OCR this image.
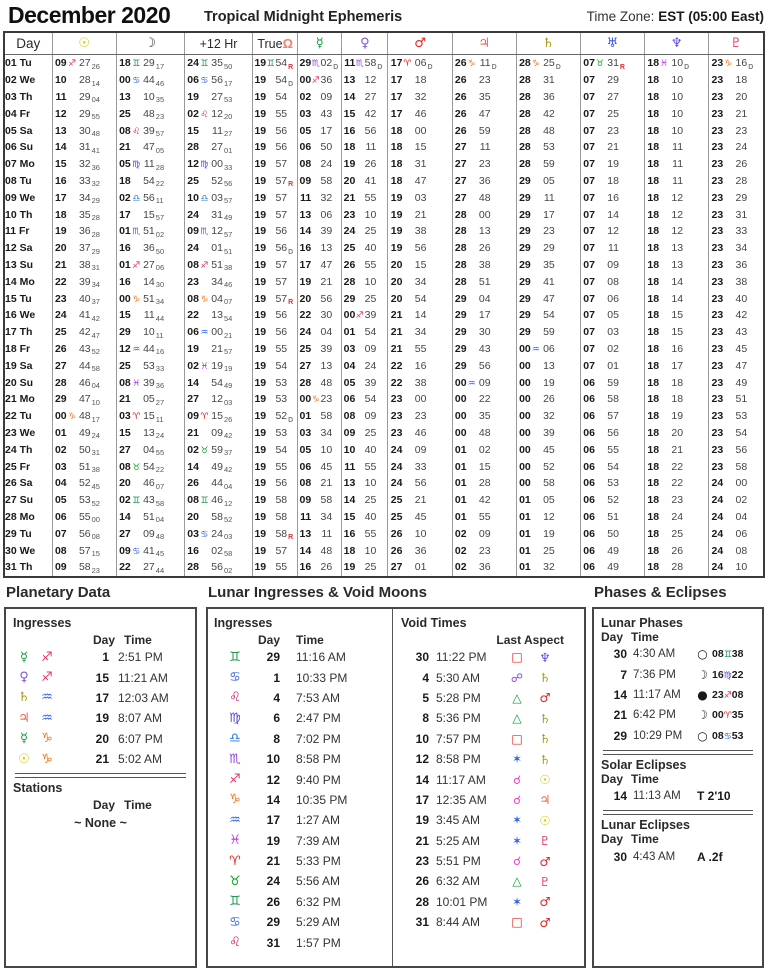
December 2020 Tropical Midnight Ephemeris	Time Zone: EST (05:00 East)
Day	☉	☽	+12 Hr	TrueΩ	☿	♀	♂	♃	♄	♅	♆	♇
01 Tu	09♐ 2726	18♊ 2917	24♊ 3550	19♊54R	29♏02D	11♏58D	17♈ 06D	26♑ 11D	28♑ 25D	07♉ 31R	18♓ 10D	23♑ 16D
02 We	10 2814	00♋ 4446	06♋ 5617	19 54D	00♐36	13 12	17 18	26 23	28 31	07 29	18 10	23 18
03 Th	11 2904	13 1035	19 2753	19 54	02 09	14 27	17 32	26 35	28 36	07 27	18 10	23 20
04 Fr	12 2955	25 4823	02♌ 1220	19 55	03 43	15 42	17 46	26 47	28 42	07 25	18 10	23 21
05 Sa	13 3048	08♌ 3957	15 1127	19 56	05 17	16 56	18 00	26 59	28 48	07 23	18 10	23 23
06 Su	14 3141	21 4705	28 2701	19 56	06 50	18 11	18 15	27 11	28 53	07 21	18 11	23 24
07 Mo	15 3236	05♍ 1128	12♍ 0033	19 57	08 24	19 26	18 31	27 23	28 59	07 19	18 11	23 26
08 Tu	16 3332	18 5422	25 5256	19 57R	09 58	20 41	18 47	27 36	29 05	07 18	18 11	23 28
09 We	17 3429	02♎ 5611	10♎ 0357	19 57	11 32	21 55	19 03	27 48	29 11	07 16	18 12	23 29
10 Th	18 3528	17 1557	24 3149	19 57	13 06	23 10	19 21	28 00	29 17	07 14	18 12	23 31
11 Fr	19 3628	01♏ 5102	09♏ 1257	19 56	14 39	24 25	19 38	28 13	29 23	07 12	18 12	23 33
12 Sa	20 3729	16 3650	24 0151	19 56D	16 13	25 40	19 56	28 26	29 29	07 11	18 13	23 34
13 Su	21 3831	01♐ 2706	08♐ 5138	19 57	17 47	26 55	20 15	28 38	29 35	07 09	18 13	23 36
14 Mo	22 3934	16 1430	23 3446	19 57	19 21	28 10	20 34	28 51	29 41	07 08	18 14	23 38
15 Tu	23 4037	00♑ 5134	08♑ 0407	19 57R	20 56	29 25	20 54	29 04	29 47	07 06	18 14	23 40
16 We	24 4142	15 1144	22 1354	19 56	22 30	00♐39	21 14	29 17	29 54	07 05	18 15	23 42
17 Th	25 4247	29 1011	06♒ 0021	19 56	24 04	01 54	21 34	29 30	29 59	07 03	18 15	23 43
18 Fr	26 4352	12♒ 4416	19 2157	19 55	25 39	03 09	21 55	29 43	00♒ 06	07 02	18 16	23 45
19 Sa	27 4458	25 5333	02♓ 1919	19 54	27 13	04 24	22 16	29 56	00 13	07 01	18 17	23 47
20 Su	28 4604	08♓ 3936	14 5449	19 53	28 48	05 39	22 38	00♒ 09	00 19	06 59	18 18	23 49
21 Mo	29 4710	21 0527	27 1203	19 53	00♑23	06 54	23 00	00 22	00 26	06 58	18 18	23 51
22 Tu	00♑ 4817	03♈ 1511	09♈ 1526	19 52D	01 58	08 09	23 23	00 35	00 32	06 57	18 19	23 53
23 We	01 4924	15 1324	21 0942	19 53	03 34	09 25	23 46	00 48	00 39	06 56	18 20	23 54
24 Th	02 5031	27 0455	02♉ 5937	19 54	05 10	10 40	24 09	01 02	00 45	06 55	18 21	23 56
25 Fr	03 5138	08♉ 5422	14 4942	19 55	06 45	11 55	24 33	01 15	00 52	06 54	18 22	23 58
26 Sa	04 5245	20 4607	26 4404	19 56	08 21	13 10	24 56	01 28	00 58	06 53	18 22	24 00
27 Su	05 5352	02♊ 4358	08♊ 4612	19 58	09 58	14 25	25 21	01 42	01 05	06 52	18 23	24 02
28 Mo	06 5500	14 5104	20 5852	19 58	11 34	15 40	25 45	01 55	01 12	06 51	18 24	24 04
29 Tu	07 5608	27 0948	03♋ 2403	19 58R	13 11	16 55	26 10	02 09	01 19	06 50	18 25	24 06
30 We	08 5715	09♋ 4145	16 0258	19 57	14 48	18 10	26 36	02 23	01 25	06 49	18 26	24 08
31 Th	09 5823	22 2744	28 5602	19 55	16 26	19 25	27 01	02 36	01 32	06 49	18 28	24 10
Planetary Data	Lunar Ingresses & Void Moons	Phases & Eclipses
Ingresses
Day Time
☿	♐	1 2:51 PM
♀ ♐	15 11:21 AM
♄ ♒	17 12:03 AM
♃ ♒	19 8:07 AM
☿	♑	20 6:07 PM
☉ ♑	21 5:02 AM
Stations
Day Time
~ None ~
Ingresses
Day	Time
♊	29	11:16 AM
♋	1	10:33 PM
♌	4	7:53 AM
♍	6	2:47 PM
♎	8	7:02 PM
♏	10	8:58 PM
♐	12	9:40 PM
♑	14	10:35 PM
♒	17	1:27 AM
♓	19	7:39 AM
♈	21	5:33 PM
♉	24	5:56 AM
♊	26	6:32 PM
♋	29	5:29 AM
♌	31	1:57 PM
Void Times
Last Aspect
30 11:22 PM	□	♆
4 5:30 AM	☍	♄
5 5:28 PM	△	♂
8 5:36 PM	△	♄
10 7:57 PM	□	♄
12 8:58 PM	✶	♄
14 11:17 AM	☌	☉
17 12:35 AM	☌	♃
19 3:45 AM	✶	☉
21 5:25 AM	✶	♇
23 5:51 PM	☌	♂
26 6:32 AM	△	♇
28 10:01 PM	✶	♂
31 8:44 AM	□	♂
Lunar Phases
Day Time
30 4:30 AM	○ 08♊38
7 7:36 PM	☽ 16♍22
14 11:17 AM	● 23♐08
21 6:42 PM	☽ 00♈35
29 10:29 PM	○ 08♋53
Solar Eclipses
Day Time
14 11:13 AM	T 2'10
Lunar Eclipses
Day Time
30 4:43 AM	A .2f
